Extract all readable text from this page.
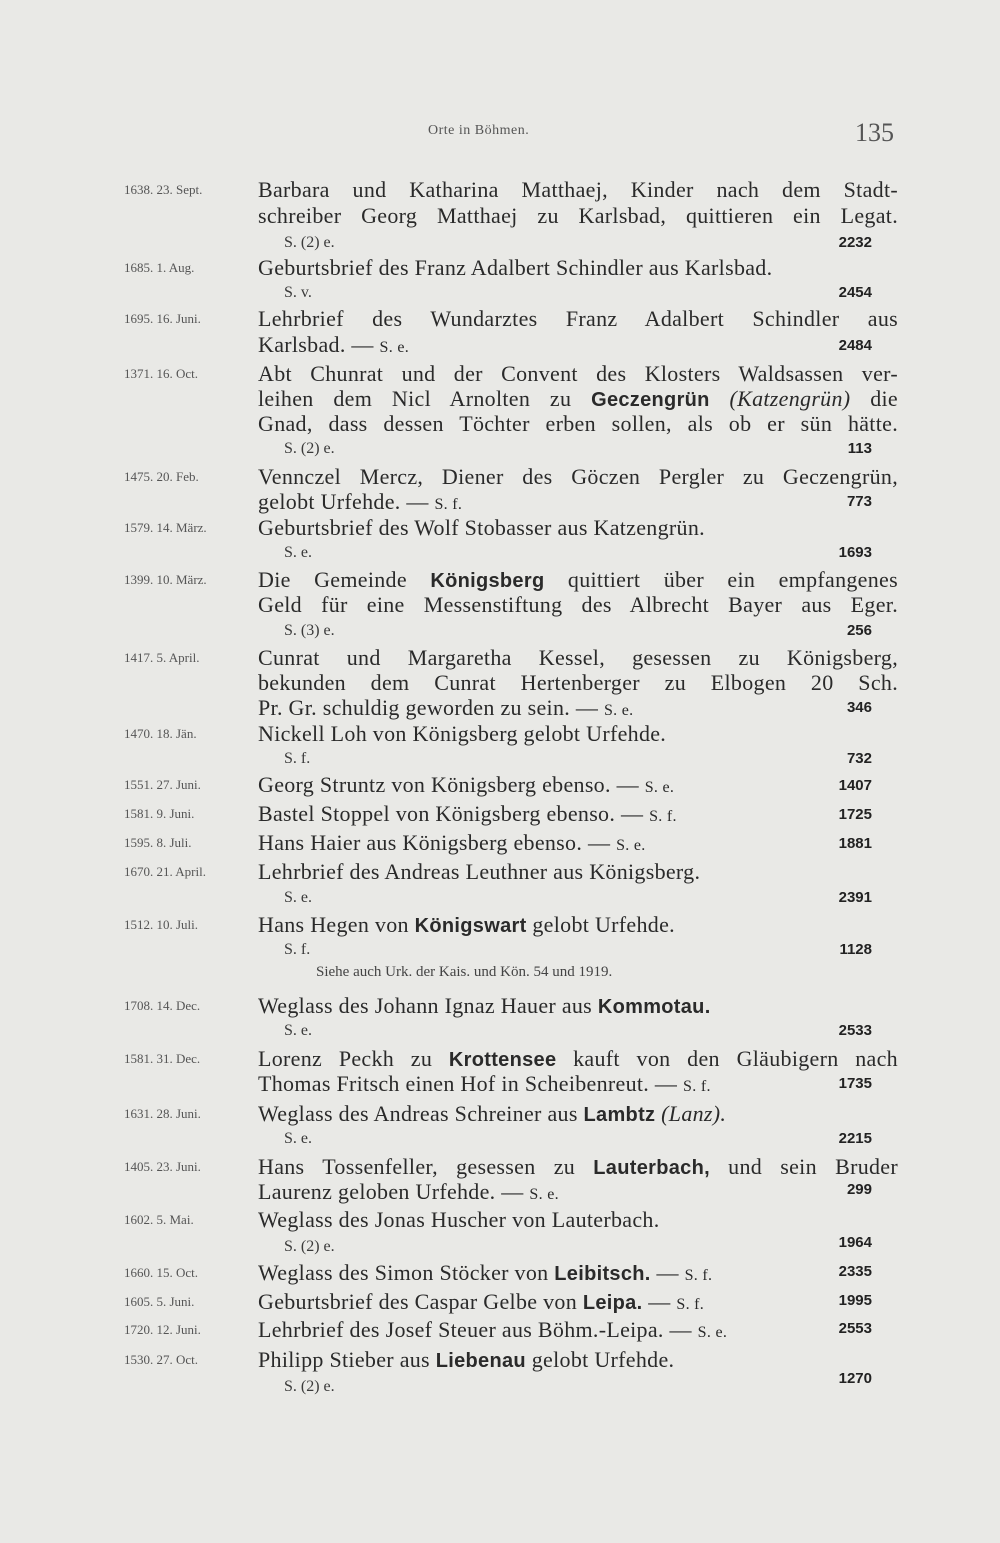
Orte in Böhmen.	135
1638. 23. Sept.	Barbara und Katharina Matthaej, Kinder nach dem Stadt-
schreiber Georg Matthaej zu Karlsbad, quittieren ein Legat.
S. (2) e.	2232
1685. 1. Aug.	Geburtsbrief des Franz Adalbert Schindler aus Karlsbad.
S. v.	2454
1695. 16. Juni.	Lehrbrief des Wundarztes Franz Adalbert Schindler aus
Karlsbad. — S. e.	2484
1371. 16. Oct.	Abt Chunrat und der Convent des Klosters Waldsassen ver-
leihen dem Nicl Arnolten zu Geczengrün (Katzengrün) die
Gnad, dass dessen Töchter erben sollen, als ob er sün hätte.
S. (2) e.	113
1475. 20. Feb.	Vennczel Mercz, Diener des Göczen Pergler zu Geczengrün,
gelobt Urfehde. — S. f.	773
1579. 14. März. Geburtsbrief des Wolf Stobasser aus Katzengrün.
S. e.	1693
1399. 10. März. Die Gemeinde Königsberg quittiert über ein empfangenes
Geld für eine Messenstiftung des Albrecht Bayer aus Eger.
S. (3) e.	256
1417. 5. April.	Cunrat und Margaretha Kessel, gesessen zu Königsberg,
bekunden dem Cunrat Hertenberger zu Elbogen 20 Sch.
Pr. Gr. schuldig geworden zu sein. — S. e.	346
1470. 18. Jän.	Nickell Loh von Königsberg gelobt Urfehde.
S. f.	732
1551. 27. Juni.	Georg Struntz von Königsberg ebenso. — S. e.	1407
1581. 9. Juni.	Bastel Stoppel von Königsberg ebenso. — S. f.	1725
1595. 8. Juli.	Hans Haier aus Königsberg ebenso. — S. e.	1881
1670. 21. April. Lehrbrief des Andreas Leuthner aus Königsberg.
S. e.	2391
1512. 10. Juli.	Hans Hegen von Königswart gelobt Urfehde.
S. f.	1128
Siehe auch Urk. der Kais. und Kön. 54 und 1919.
1708. 14. Dec.	Weglass des Johann Ignaz Hauer aus Kommotau.
S. e.	2533
1581. 31. Dec.	Lorenz Peckh zu Krottensee kauft von den Gläubigern nach
Thomas Fritsch einen Hof in Scheibenreut. — S. f.	1735
1631. 28. Juni.	Weglass des Andreas Schreiner aus Lambtz (Lanz).
S. e.	2215
1405. 23. Juni.	Hans Tossenfeller, gesessen zu Lauterbach, und sein Bruder
Laurenz geloben Urfehde. — S. e.	299
1602. 5. Mai.	Weglass des Jonas Huscher von Lauterbach.
S. (2) e.	1964
1660. 15. Oct.	Weglass des Simon Stöcker von Leibitsch. — S. f.	2335
1605. 5. Juni.	Geburtsbrief des Caspar Gelbe von Leipa. — S. f.	1995
1720. 12. Juni.	Lehrbrief des Josef Steuer aus Böhm.-Leipa. — S. e.	2553
1530. 27. Oct.	Philipp Stieber aus Liebenau gelobt Urfehde.
S. (2) e.	1270
